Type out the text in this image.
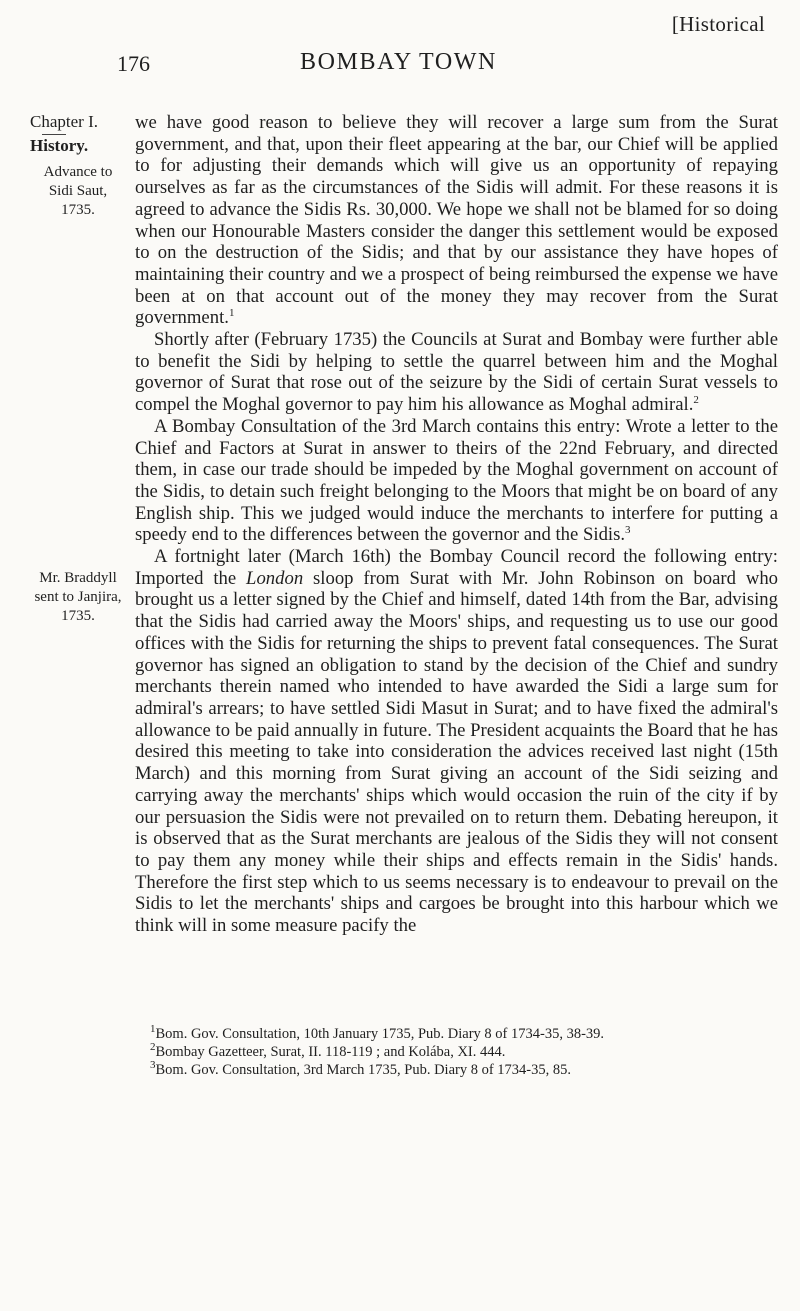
[Historical
176	BOMBAY TOWN
Chapter I.
History.
Advance to Sidi Saut, 1735.
Mr. Braddyll sent to Janjira, 1735.

we have good reason to believe they will recover a large sum from the Surat government, and that, upon their fleet appearing at the bar, our Chief will be applied to for adjusting their demands which will give us an opportunity of repaying ourselves as far as the circumstances of the Sidis will admit. For these reasons it is agreed to advance the Sidis Rs. 30,000. We hope we shall not be blamed for so doing when our Honourable Masters consider the danger this settlement would be exposed to on the destruction of the Sidis; and that by our assistance they have hopes of maintaining their country and we a prospect of being reimbursed the expense we have been at on that account out of the money they may recover from the Surat government.$^1$

Shortly after (February 1735) the Councils at Surat and Bombay were further able to benefit the Sidi by helping to settle the quarrel between him and the Moghal governor of Surat that rose out of the seizure by the Sidi of certain Surat vessels to compel the Moghal governor to pay him his allowance as Moghal admiral.$^2$

A Bombay Consultation of the 3rd March contains this entry: Wrote a letter to the Chief and Factors at Surat in answer to theirs of the 22nd February, and directed them, in case our trade should be impeded by the Moghal government on account of the Sidis, to detain such freight belonging to the Moors that might be on board of any English ship. This we judged would induce the merchants to interfere for putting a speedy end to the differences between the governor and the Sidis.$^3$

A fortnight later (March 16th) the Bombay Council record the following entry: Imported the London sloop from Surat with Mr. John Robinson on board who brought us a letter signed by the Chief and himself, dated 14th from the Bar, advising that the Sidis had carried away the Moors' ships, and requesting us to use our good offices with the Sidis for returning the ships to prevent fatal consequences. The Surat governor has signed an obligation to stand by the decision of the Chief and sundry merchants therein named who intended to have awarded the Sidi a large sum for admiral's arrears; to have settled Sidi Masut in Surat; and to have fixed the admiral's allowance to be paid annually in future. The President acquaints the Board that he has desired this meeting to take into consideration the advices received last night (15th March) and this morning from Surat giving an account of the Sidi seizing and carrying away the merchants' ships which would occasion the ruin of the city if by our persuasion the Sidis were not prevailed on to return them. Debating hereupon, it is observed that as the Surat merchants are jealous of the Sidis they will not consent to pay them any money while their ships and effects remain in the Sidis' hands. Therefore the first step which to us seems necessary is to endeavour to prevail on the Sidis to let the merchants' ships and cargoes be brought into this harbour which we think will in some measure pacify the

$^1$Bom. Gov. Consultation, 10th January 1735, Pub. Diary 8 of 1734-35, 38-39.
$^2$Bombay Gazetteer, Surat, II. 118-119 ; and Kolába, XI. 444.
$^3$Bom. Gov. Consultation, 3rd March 1735, Pub. Diary 8 of 1734-35, 85.
